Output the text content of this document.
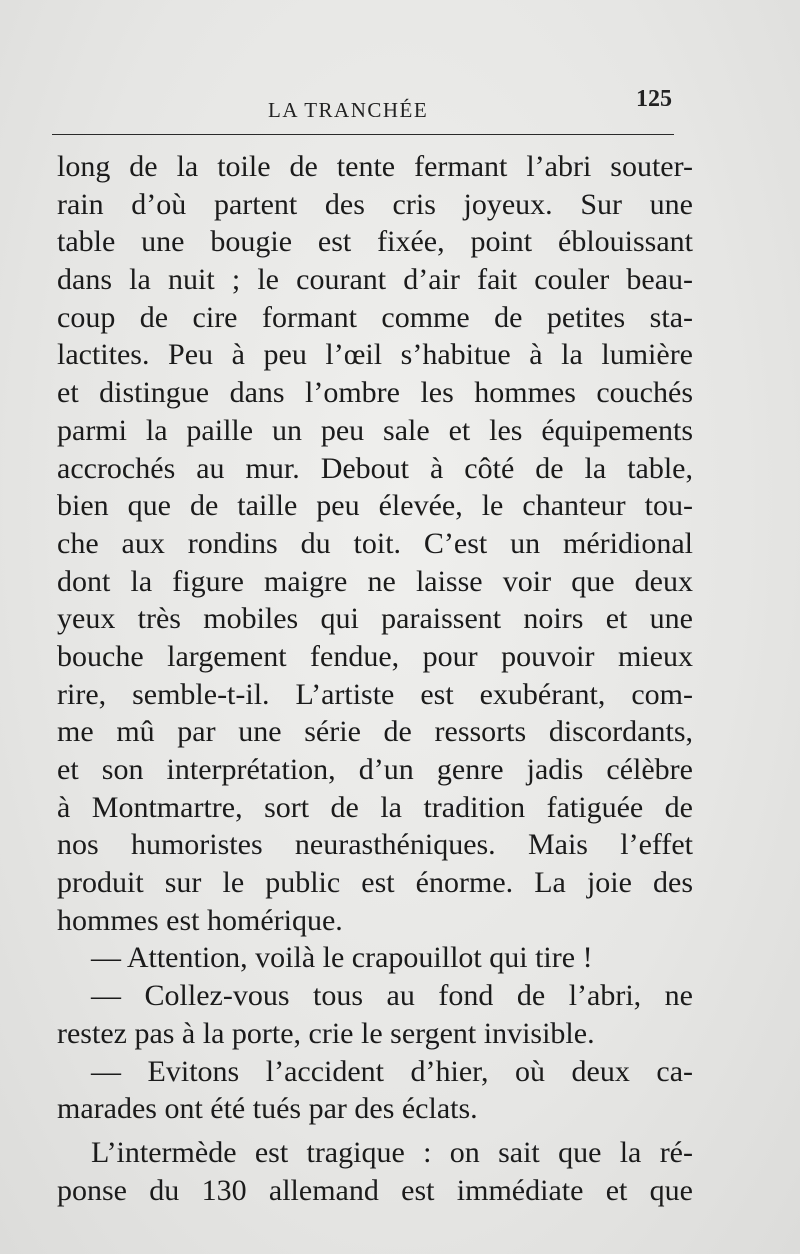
LA TRANCHÉE	125
long de la toile de tente fermant l’abri souter-
rain d’où partent des cris joyeux. Sur une
table une bougie est fixée, point éblouissant
dans la nuit ; le courant d’air fait couler beau-
coup de cire formant comme de petites sta-
lactites. Peu à peu l’œil s’habitue à la lumière
et distingue dans l’ombre les hommes couchés
parmi la paille un peu sale et les équipements
accrochés au mur. Debout à côté de la table,
bien que de taille peu élevée, le chanteur tou-
che aux rondins du toit. C’est un méridional
dont la figure maigre ne laisse voir que deux
yeux très mobiles qui paraissent noirs et une
bouche largement fendue, pour pouvoir mieux
rire, semble-t-il. L’artiste est exubérant, com-
me mû par une série de ressorts discordants,
et son interprétation, d’un genre jadis célèbre
à Montmartre, sort de la tradition fatiguée de
nos humoristes neurasthéniques. Mais l’effet
produit sur le public est énorme. La joie des
hommes est homérique.
— Attention, voilà le crapouillot qui tire !
— Collez-vous tous au fond de l’abri, ne
restez pas à la porte, crie le sergent invisible.
— Evitons l’accident d’hier, où deux ca-
marades ont été tués par des éclats.
L’intermède est tragique : on sait que la ré-
ponse du 130 allemand est immédiate et que
